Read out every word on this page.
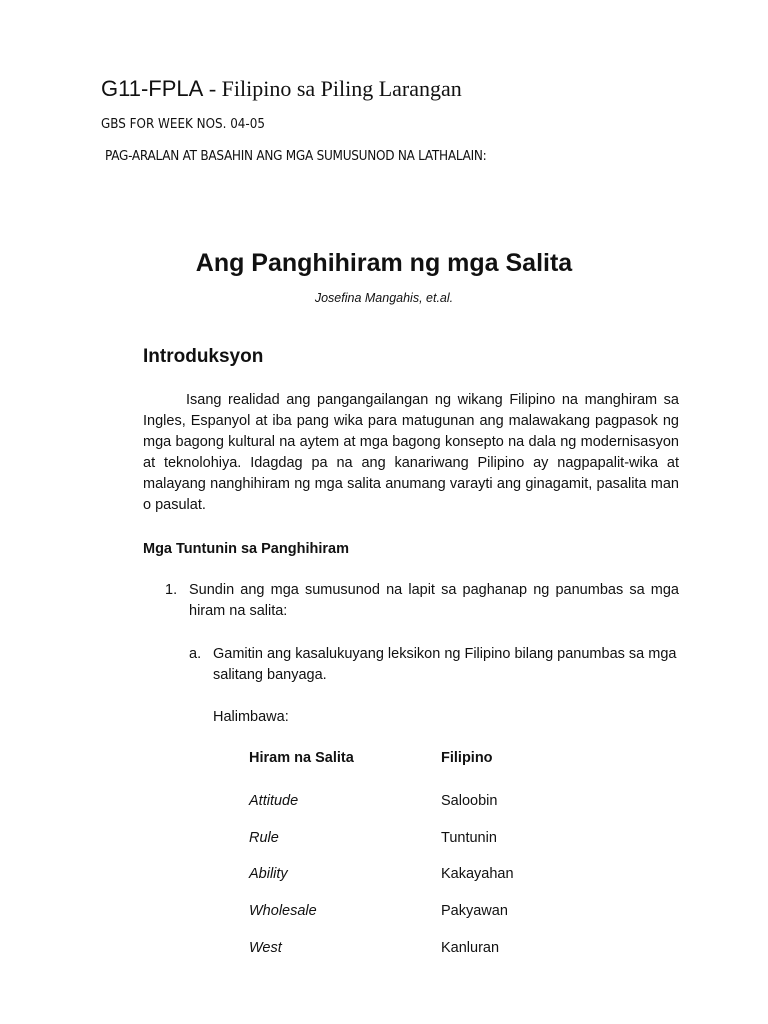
G11-FPLA - Filipino sa Piling Larangan
GBS FOR WEEK NOS. 04-05
PAG-ARALAN AT BASAHIN ANG MGA SUMUSUNOD NA LATHALAIN:
Ang Panghihiram ng mga Salita
Josefina Mangahis, et.al.
Introduksyon

Isang realidad ang pangangailangan ng wikang Filipino na manghiram sa Ingles, Espanyol at iba pang wika para matugunan ang malawakang pagpasok ng mga bagong kultural na aytem at mga bagong konsepto na dala ng modernisasyon at teknolohiya. Idagdag pa na ang kanariwang Pilipino ay nagpapalit-wika at malayang nanghihiram ng mga salita anumang varayti ang ginagamit, pasalita man o pasulat.

Mga Tuntunin sa Panghihiram
1. Sundin ang mga sumusunod na lapit sa paghanap ng panumbas sa mga hiram na salita:
a. Gamitin ang kasalukuyang leksikon ng Filipino bilang panumbas sa mga salitang banyaga.
Halimbawa:
Hiram na Salita	Filipino
Attitude	Saloobin
Rule	Tuntunin
Ability	Kakayahan
Wholesale	Pakyawan
West	Kanluran
